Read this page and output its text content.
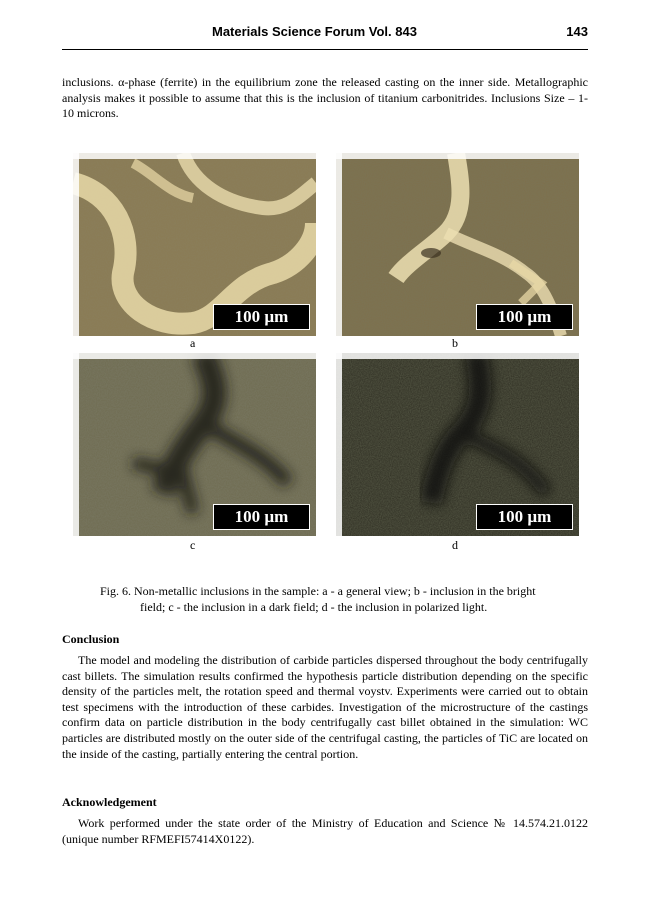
Materials Science Forum Vol. 843	143
inclusions. α-phase (ferrite) in the equilibrium zone the released casting on the inner side. Metallographic analysis makes it possible to assume that this is the inclusion of titanium carbonitrides. Inclusions Size – 1-10 microns.
100 µm
a
100 µm
b
100 µm
c
100 µm
d
Fig. 6. Non-metallic inclusions in the sample: a - a general view; b - inclusion in the bright
field; c - the inclusion in a dark field; d - the inclusion in polarized light.
Conclusion
The model and modeling the distribution of carbide particles dispersed throughout the body centrifugally cast billets. The simulation results confirmed the hypothesis particle distribution depending on the specific density of the particles melt, the rotation speed and thermal voystv. Experiments were carried out to obtain test specimens with the introduction of these carbides. Investigation of the microstructure of the castings confirm data on particle distribution in the body centrifugally cast billet obtained in the simulation: WC particles are distributed mostly on the outer side of the centrifugal casting, the particles of TiC are located on the inside of the casting, partially entering the central portion.
Acknowledgement
Work performed under the state order of the Ministry of Education and Science № 14.574.21.0122 (unique number RFMEFI57414X0122).
